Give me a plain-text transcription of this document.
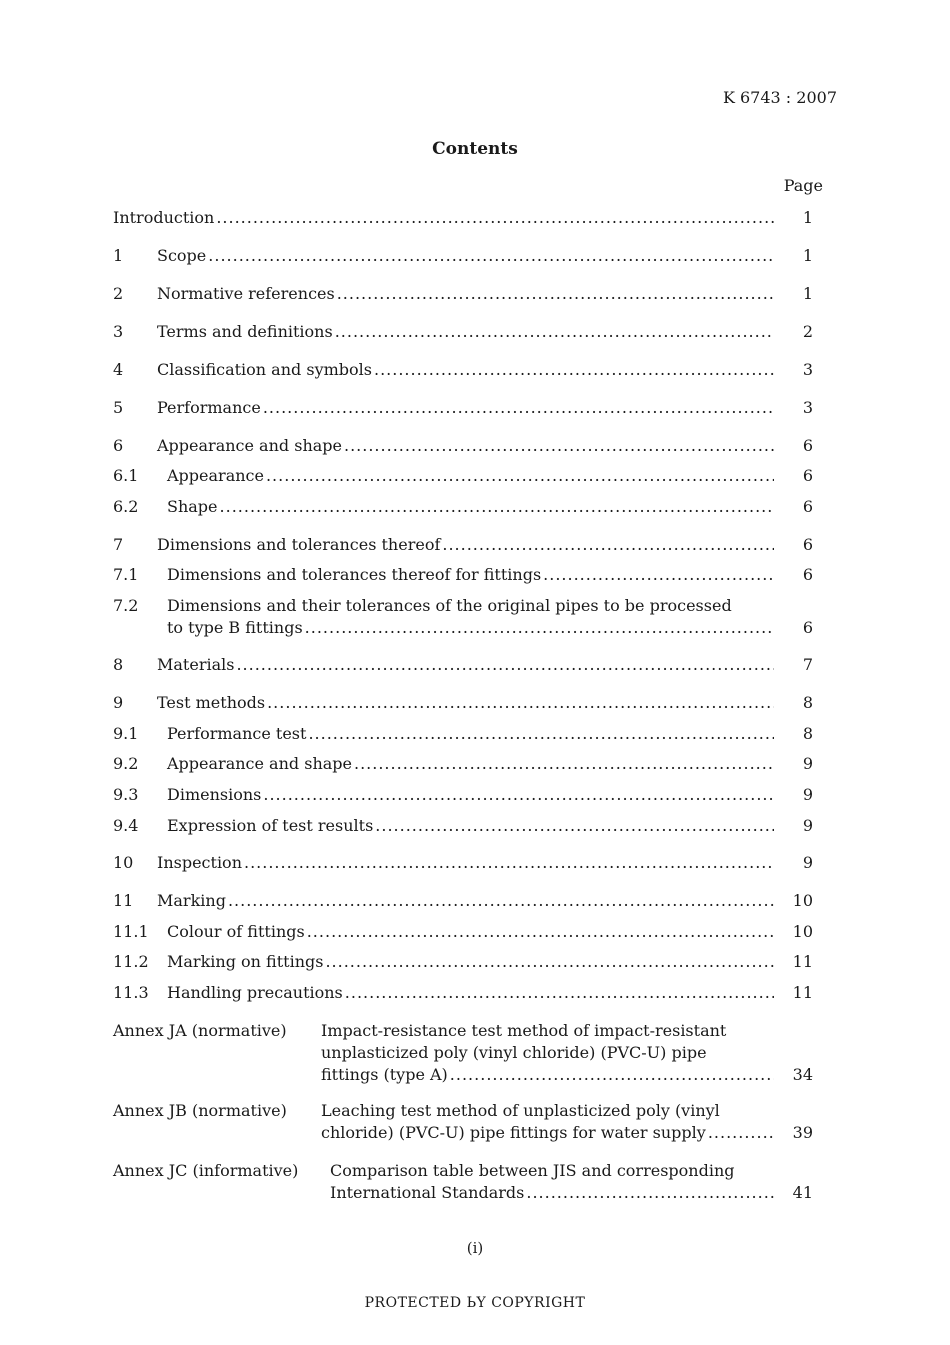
K 6743 : 2007
Contents
Page
Introduction .....	1
1 Scope .....	1
2 Normative references .....	1
3 Terms and definitions .....	2
4 Classification and symbols .....	3
5 Performance .....	3
6 Appearance and shape .....	6
6.1 Appearance .....	6
6.2 Shape .....	6
7 Dimensions and tolerances thereof .....	6
7.1 Dimensions and tolerances thereof for fittings .....	6
7.2 Dimensions and their tolerances of the original pipes to be processed
to type B fittings .....	6
8 Materials .....	7
9 Test methods .....	8
9.1 Performance test .....	8
9.2 Appearance and shape .....	9
9.3 Dimensions .....	9
9.4 Expression of test results .....	9
10 Inspection .....	9
11 Marking .....	10
11.1 Colour of fittings .....	10
11.2 Marking on fittings .....	11
11.3 Handling precautions .....	11
Annex JA (normative) Impact-resistance test method of impact-resistant
unplasticized poly (vinyl chloride) (PVC-U) pipe
fittings (type A) .....	34
Annex JB (normative) Leaching test method of unplasticized poly (vinyl
chloride) (PVC-U) pipe fittings for water supply .....	39
Annex JC (informative) Comparison table between JIS and corresponding
International Standards .....	41
(i)
PROTECTED ЬY COPYRIGHT
